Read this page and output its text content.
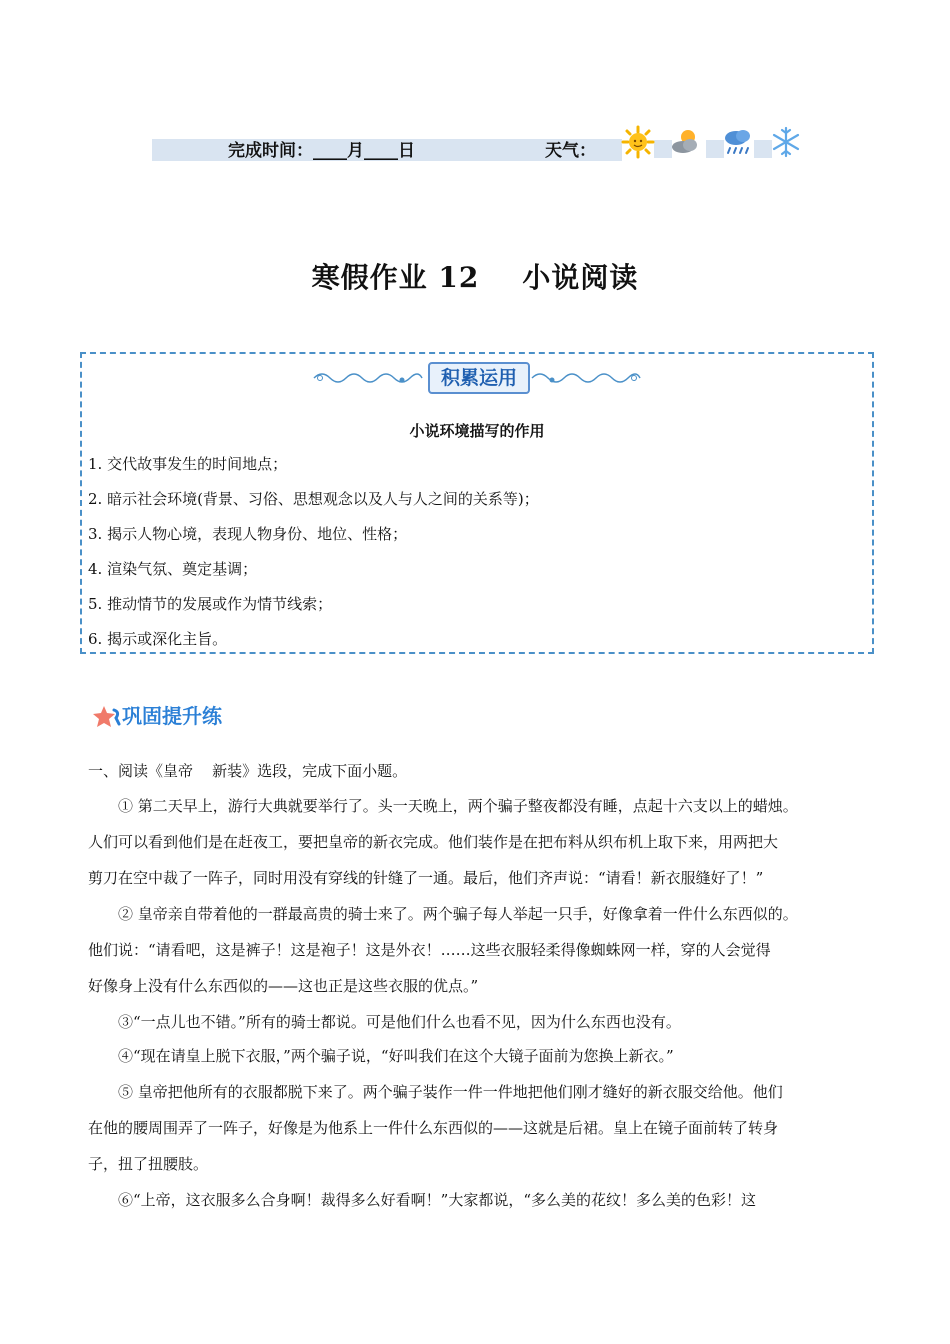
完成时间：____月____日	天气：
寒假作业 12    小说阅读
积累运用
小说环境描写的作用
1. 交代故事发生的时间地点；
2. 暗示社会环境(背景、习俗、思想观念以及人与人之间的关系等)；
3. 揭示人物心境，表现人物身份、地位、性格；
4. 渲染气氛、奠定基调；
5. 推动情节的发展或作为情节线索；
6. 揭示或深化主旨。
巩固提升练
一、阅读《皇帝    新装》选段，完成下面小题。
　　① 第二天早上，游行大典就要举行了。头一天晚上，两个骗子整夜都没有睡，点起十六支以上的蜡烛。
人们可以看到他们是在赶夜工，要把皇帝的新衣完成。他们装作是在把布料从织布机上取下来，用两把大
剪刀在空中裁了一阵子，同时用没有穿线的针缝了一通。最后，他们齐声说：“请看！新衣服缝好了！”
　　② 皇帝亲自带着他的一群最高贵的骑士来了。两个骗子每人举起一只手，好像拿着一件什么东西似的。
他们说：“请看吧，这是裤子！这是袍子！这是外衣！……这些衣服轻柔得像蜘蛛网一样，穿的人会觉得
好像身上没有什么东西似的——这也正是这些衣服的优点。”
　　③“一点儿也不错。”所有的骑士都说。可是他们什么也看不见，因为什么东西也没有。
　　④“现在请皇上脱下衣服，”两个骗子说，“好叫我们在这个大镜子面前为您换上新衣。”
　　⑤ 皇帝把他所有的衣服都脱下来了。两个骗子装作一件一件地把他们刚才缝好的新衣服交给他。他们
在他的腰周围弄了一阵子，好像是为他系上一件什么东西似的——这就是后裙。皇上在镜子面前转了转身
子，扭了扭腰肢。
　　⑥“上帝，这衣服多么合身啊！裁得多么好看啊！”大家都说，“多么美的花纹！多么美的色彩！这
